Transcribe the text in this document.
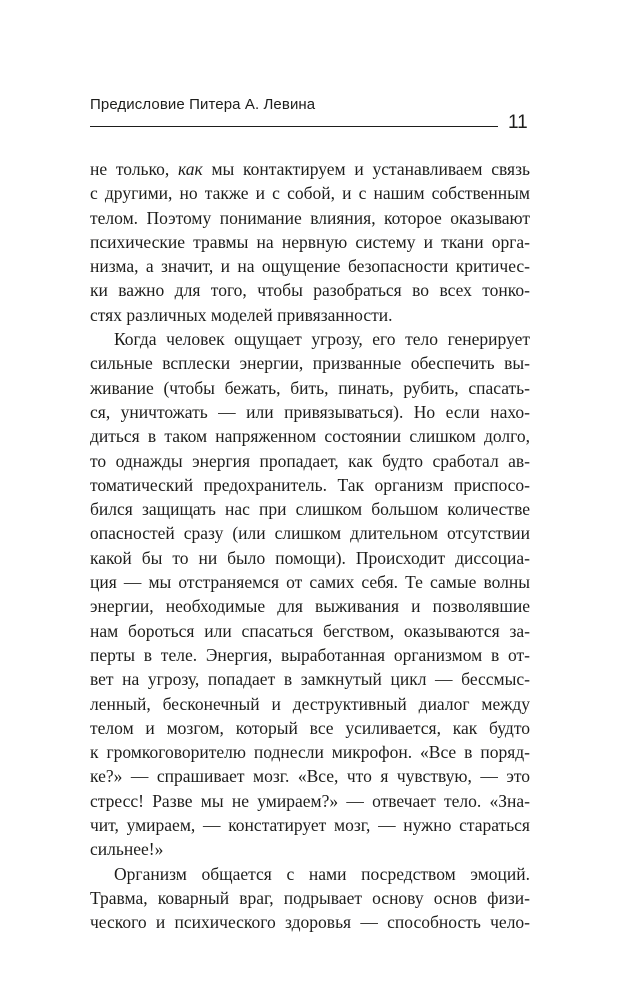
Предисловие Питера А. Левина
11
не только, как мы контактируем и устанавливаем связь
с другими, но также и с собой, и с нашим собственным
телом. Поэтому понимание влияния, которое оказывают
психические травмы на нервную систему и ткани орга-
низма, а значит, и на ощущение безопасности критичес-
ки важно для того, чтобы разобраться во всех тонко-
стях различных моделей привязанности.
Когда человек ощущает угрозу, его тело генерирует
сильные всплески энергии, призванные обеспечить вы-
живание (чтобы бежать, бить, пинать, рубить, спасать-
ся, уничтожать — или привязываться). Но если нахо-
диться в таком напряженном состоянии слишком долго,
то однажды энергия пропадает, как будто сработал ав-
томатический предохранитель. Так организм приспосо-
бился защищать нас при слишком большом количестве
опасностей сразу (или слишком длительном отсутствии
какой бы то ни было помощи). Происходит диссоциа-
ция — мы отстраняемся от самих себя. Те самые волны
энергии, необходимые для выживания и позволявшие
нам бороться или спасаться бегством, оказываются за-
перты в теле. Энергия, выработанная организмом в от-
вет на угрозу, попадает в замкнутый цикл — бессмыс-
ленный, бесконечный и деструктивный диалог между
телом и мозгом, который все усиливается, как будто
к громкоговорителю поднесли микрофон. «Все в поряд-
ке?» — спрашивает мозг. «Все, что я чувствую, — это
стресс! Разве мы не умираем?» — отвечает тело. «Зна-
чит, умираем, — констатирует мозг, — нужно стараться
сильнее!»
Организм общается с нами посредством эмоций.
Травма, коварный враг, подрывает основу основ физи-
ческого и психического здоровья — способность чело-
